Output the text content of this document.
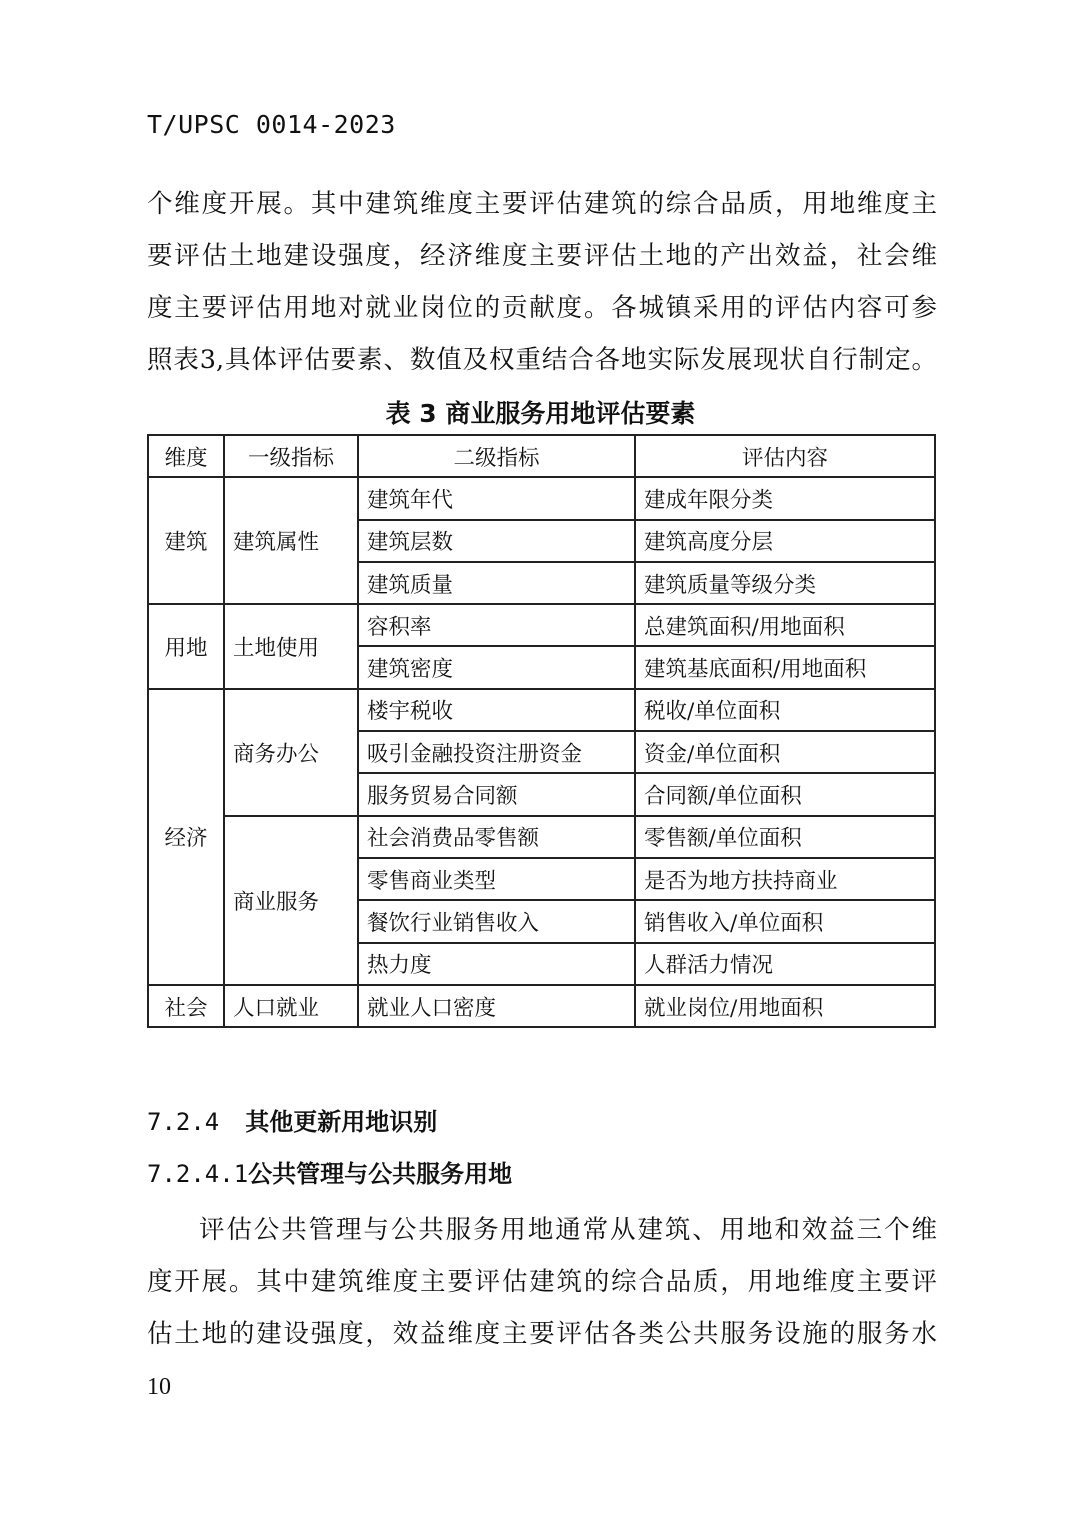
T/UPSC 0014-2023

个维度开展。其中建筑维度主要评估建筑的综合品质，用地维度主
要评估土地建设强度，经济维度主要评估土地的产出效益，社会维
度主要评估用地对就业岗位的贡献度。各城镇采用的评估内容可参
照表3,具体评估要素、数值及权重结合各地实际发展现状自行制定。

表 3 商业服务用地评估要素

维度	一级指标	二级指标	评估内容
建筑	建筑属性	建筑年代	建成年限分类
		建筑层数	建筑高度分层
		建筑质量	建筑质量等级分类
用地	土地使用	容积率	总建筑面积/用地面积
		建筑密度	建筑基底面积/用地面积
经济	商务办公	楼宇税收	税收/单位面积
		吸引金融投资注册资金	资金/单位面积
		服务贸易合同额	合同额/单位面积
	商业服务	社会消费品零售额	零售额/单位面积
		零售商业类型	是否为地方扶持商业
		餐饮行业销售收入	销售收入/单位面积
		热力度	人群活力情况
社会	人口就业	就业人口密度	就业岗位/用地面积

7.2.4 其他更新用地识别

7.2.4.1公共管理与公共服务用地

评估公共管理与公共服务用地通常从建筑、用地和效益三个维
度开展。其中建筑维度主要评估建筑的综合品质，用地维度主要评
估土地的建设强度，效益维度主要评估各类公共服务设施的服务水

10
